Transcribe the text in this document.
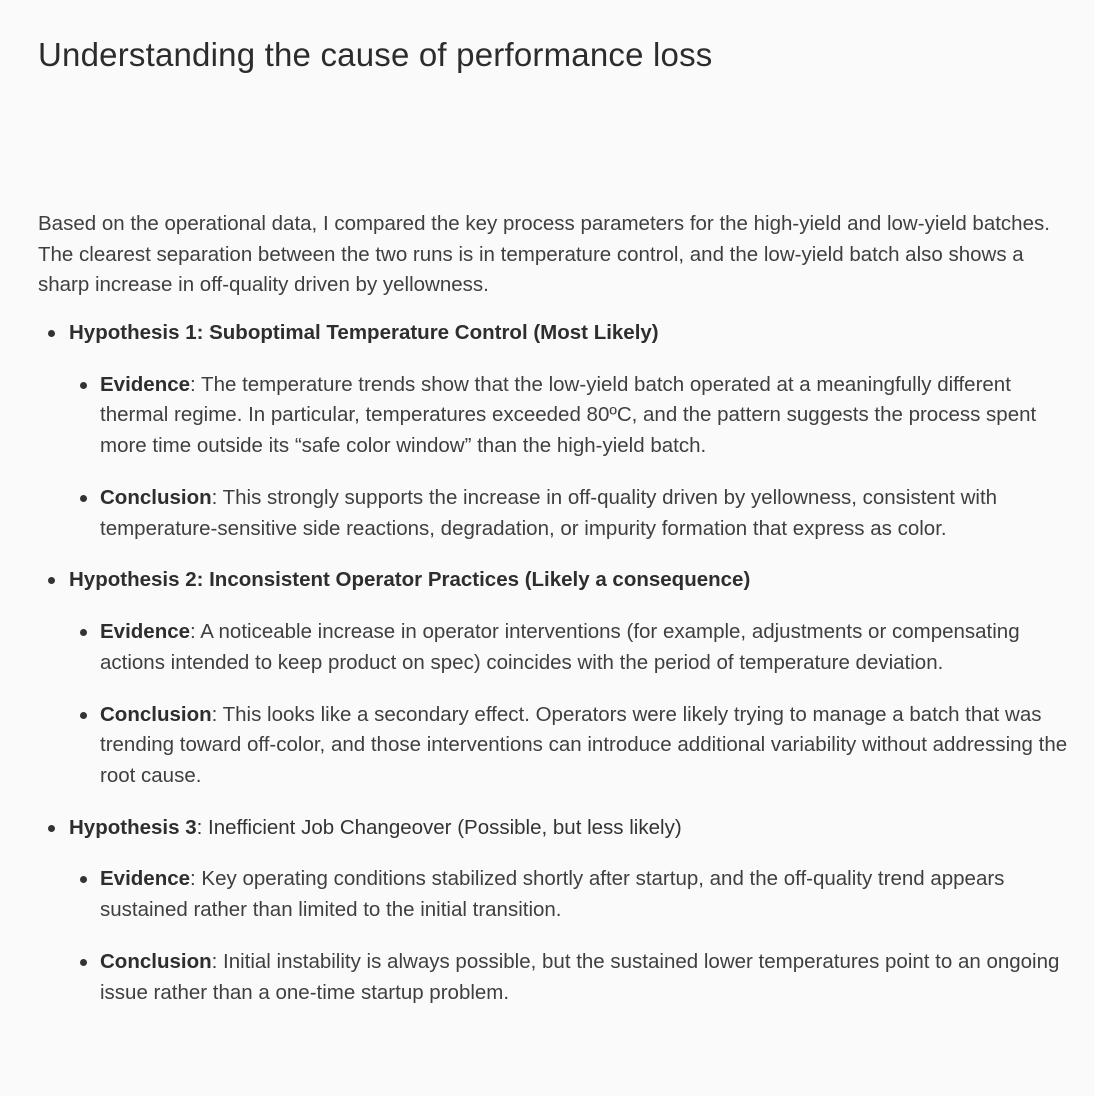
Understanding the cause of performance loss

Based on the operational data, I compared the key process parameters for the high-yield and low-yield batches. The clearest separation between the two runs is in temperature control, and the low-yield batch also shows a sharp increase in off-quality driven by yellowness.

Hypothesis 1: Suboptimal Temperature Control (Most Likely)
Evidence: The temperature trends show that the low-yield batch operated at a meaningfully different thermal regime. In particular, temperatures exceeded 80ºC, and the pattern suggests the process spent more time outside its “safe color window” than the high-yield batch.
Conclusion: This strongly supports the increase in off-quality driven by yellowness, consistent with temperature-sensitive side reactions, degradation, or impurity formation that express as color.
Hypothesis 2: Inconsistent Operator Practices (Likely a consequence)
Evidence: A noticeable increase in operator interventions (for example, adjustments or compensating actions intended to keep product on spec) coincides with the period of temperature deviation.
Conclusion: This looks like a secondary effect. Operators were likely trying to manage a batch that was trending toward off-color, and those interventions can introduce additional variability without addressing the root cause.
Hypothesis 3: Inefficient Job Changeover (Possible, but less likely)
Evidence: Key operating conditions stabilized shortly after startup, and the off-quality trend appears sustained rather than limited to the initial transition.
Conclusion: Initial instability is always possible, but the sustained lower temperatures point to an ongoing issue rather than a one-time startup problem.
